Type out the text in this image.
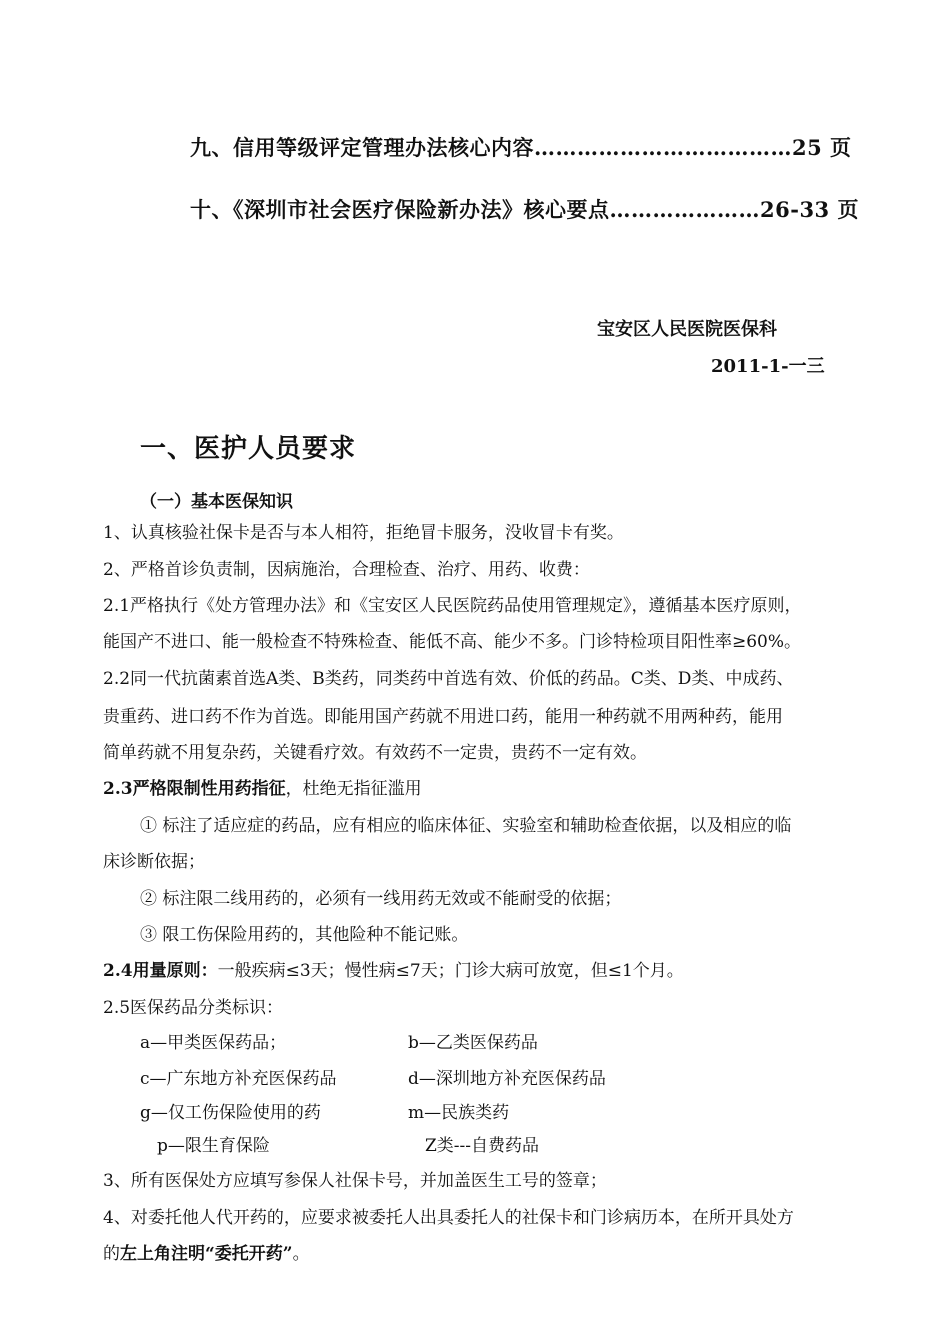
九、信用等级评定管理办法核心内容………………………………25 页
十、《深圳市社会医疗保险新办法》核心要点…………………26-33 页
宝安区人民医院医保科
2011-1-一三
一、医护人员要求
（一）基本医保知识
1、认真核验社保卡是否与本人相符，拒绝冒卡服务，没收冒卡有奖。
2、严格首诊负责制，因病施治，合理检查、治疗、用药、收费：
2.1严格执行《处方管理办法》和《宝安区人民医院药品使用管理规定》，遵循基本医疗原则，
能国产不进口、能一般检查不特殊检查、能低不高、能少不多。门诊特检项目阳性率≥60%。
2.2同一代抗菌素首选A类、B类药，同类药中首选有效、价低的药品。C类、D类、中成药、
贵重药、进口药不作为首选。即能用国产药就不用进口药，能用一种药就不用两种药，能用
简单药就不用复杂药，关键看疗效。有效药不一定贵，贵药不一定有效。
2.3严格限制性用药指征，杜绝无指征滥用
① 标注了适应症的药品，应有相应的临床体征、实验室和辅助检查依据，以及相应的临
床诊断依据；
② 标注限二线用药的，必须有一线用药无效或不能耐受的依据；
③ 限工伤保险用药的，其他险种不能记账。
2.4用量原则：一般疾病≤3天；慢性病≤7天；门诊大病可放宽，但≤1个月。
2.5医保药品分类标识：
a—甲类医保药品；	b—乙类医保药品
c—广东地方补充医保药品	d—深圳地方补充医保药品
g—仅工伤保险使用的药	m—民族类药
p—限生育保险	Z类---自费药品
3、所有医保处方应填写参保人社保卡号，并加盖医生工号的签章；
4、对委托他人代开药的，应要求被委托人出具委托人的社保卡和门诊病历本，在所开具处方
的左上角注明“委托开药”。
